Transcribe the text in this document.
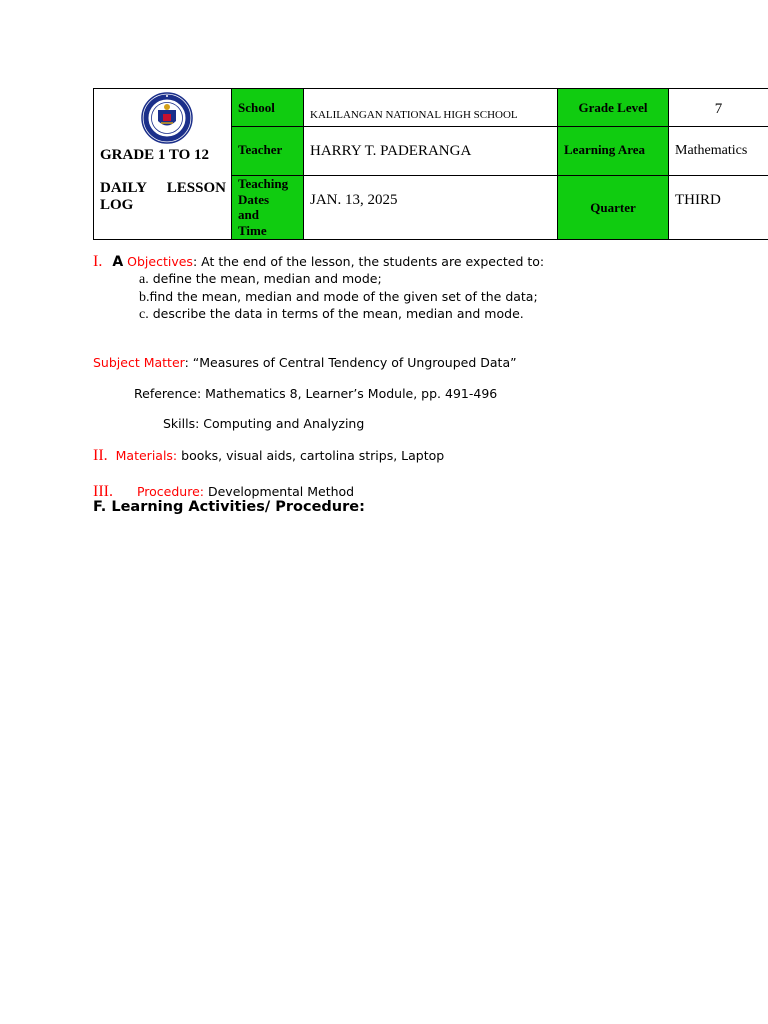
GRADE 1 TO 12
DAILY LESSON
LOG	School	KALILANGAN NATIONAL HIGH SCHOOL	Grade Level	7

	Teacher	HARRY T. PADERANGA	Learning Area	Mathematics

	Teaching
Dates
and
Time	JAN. 13, 2025	Quarter	THIRD
I. A Objectives: At the end of the lesson, the students are expected to:
a. define the mean, median and mode;
b.find the mean, median and mode of the given set of the data;
c. describe the data in terms of the mean, median and mode.
Subject Matter: “Measures of Central Tendency of Ungrouped Data”
Reference: Mathematics 8, Learner’s Module, pp. 491-496
Skills: Computing and Analyzing
II. Materials: books, visual aids, cartolina strips, Laptop
III. Procedure: Developmental Method
F. Learning Activities/ Procedure:
